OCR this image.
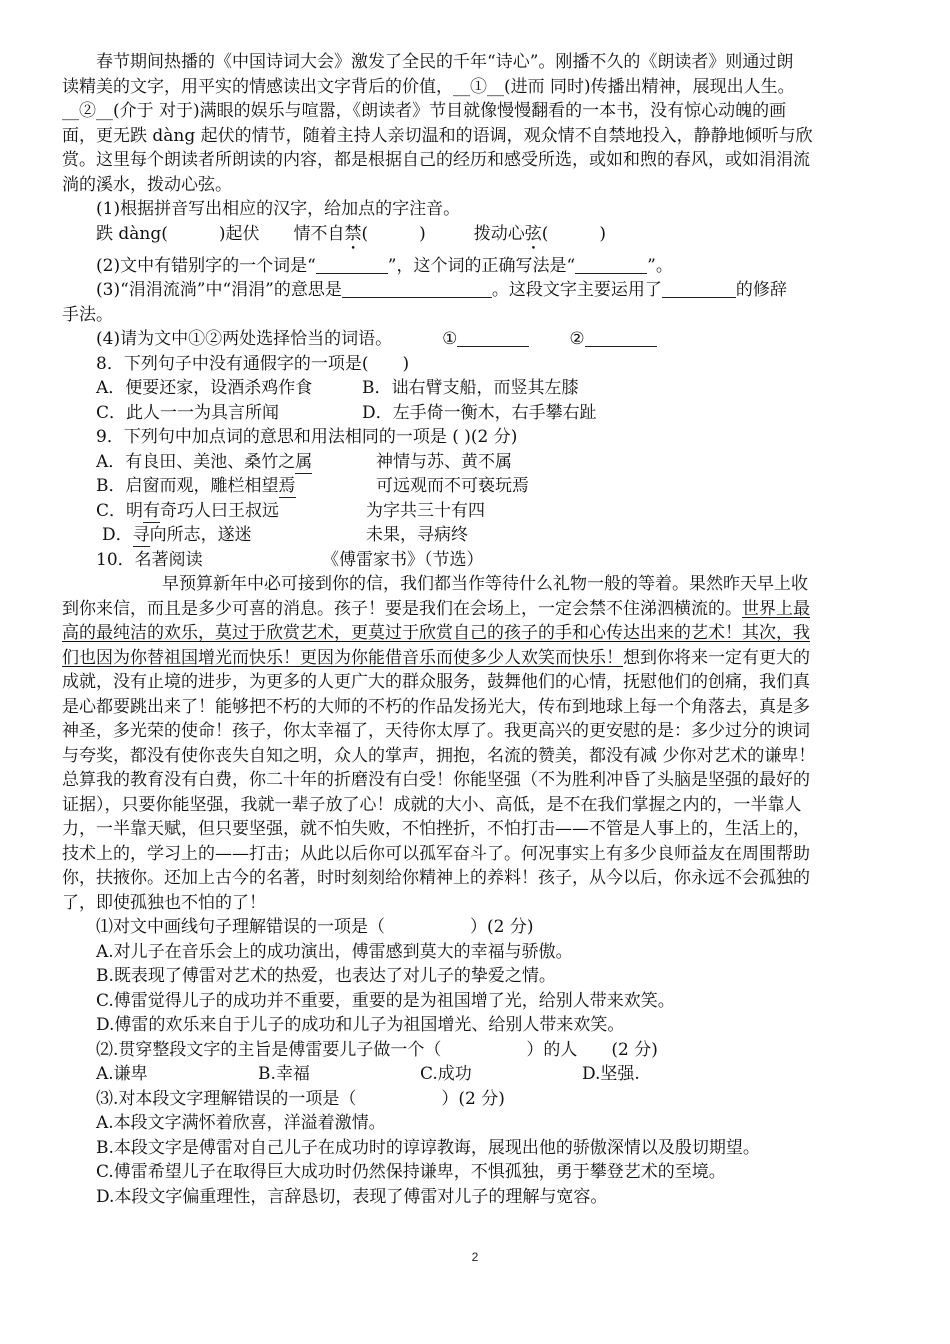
春节期间热播的《中国诗词大会》激发了全民的千年“诗心”。刚播不久的《朗读者》则通过朗

读精美的文字，用平实的情感读出文字背后的价值，__①__(进而 同时)传播出精神，展现出人生。

__②__(介于 对于)满眼的娱乐与喧嚣，《朗读者》节目就像慢慢翻看的一本书，没有惊心动魄的画

面，更无跌 dàng 起伏的情节，随着主持人亲切温和的语调，观众情不自禁地投入，静静地倾听与欣

赏。这里每个朗读者所朗读的内容，都是根据自己的经历和感受所选，或如和煦的春风，或如涓涓流

淌的溪水，拨动心弦。

(1)根据拼音写出相应的汉字，给加点的字注音。

跌 dàng(　　　)起伏 情不自禁(　　　)	拨动心弦(　　　)

(2)文中有错别字的一个词是“	”，这个词的正确写法是“	”。

(3)“涓涓流淌”中“涓涓”的意思是	。这段文字主要运用了	的修辞

手法。

(4)请为文中①②两处选择恰当的词语。	①	②

8．下列句子中没有通假字的一项是(　　)

A．便要还家，设酒杀鸡作食	B．诎右臂支船，而竖其左膝

C．此人一一为具言所闻	D．左手倚一衡木，右手攀右趾

9．下列句中加点词的意思和用法相同的一项是 ( )(2 分)

A．有良田、美池、桑竹之属	神情与苏、黄不属

B．启窗而观，雕栏相望焉	可远观而不可亵玩焉

C．明有奇巧人曰王叔远	为字共三十有四

D．寻向所志，遂迷	未果，寻病终

10．名著阅读	《傅雷家书》（节选）

早预算新年中必可接到你的信，我们都当作等待什么礼物一般的等着。果然昨天早上收

到你来信，而且是多少可喜的消息。孩子！要是我们在会场上，一定会禁不住涕泗横流的。世界上最

高的最纯洁的欢乐，莫过于欣赏艺术，更莫过于欣赏自己的孩子的手和心传达出来的艺术！其次，我

们也因为你替祖国增光而快乐！更因为你能借音乐而使多少人欢笑而快乐！想到你将来一定有更大的

成就，没有止境的进步，为更多的人更广大的群众服务，鼓舞他们的心情，抚慰他们的创痛，我们真

是心都要跳出来了！能够把不朽的大师的不朽的作品发扬光大，传布到地球上每一个角落去，真是多

神圣，多光荣的使命！孩子，你太幸福了，天待你太厚了。我更高兴的更安慰的是：多少过分的谀词

与夸奖，都没有使你丧失自知之明，众人的掌声，拥抱，名流的赞美，都没有减 少你对艺术的谦卑！

总算我的教育没有白费，你二十年的折磨没有白受！你能坚强（不为胜利冲昏了头脑是坚强的最好的

证据），只要你能坚强，我就一辈子放了心！成就的大小、高低，是不在我们掌握之内的，一半靠人

力，一半靠天赋，但只要坚强，就不怕失败，不怕挫折，不怕打击——不管是人事上的，生活上的，

技术上的，学习上的——打击；从此以后你可以孤军奋斗了。何况事实上有多少良师益友在周围帮助

你，扶掖你。还加上古今的名著，时时刻刻给你精神上的养料！孩子，从今以后，你永远不会孤独的

了，即使孤独也不怕的了！

⑴对文中画线句子理解错误的一项是（　　　　　）(2 分)

A.对儿子在音乐会上的成功演出，傅雷感到莫大的幸福与骄傲。

B.既表现了傅雷对艺术的热爱，也表达了对儿子的挚爱之情。

C.傅雷觉得儿子的成功并不重要，重要的是为祖国增了光，给别人带来欢笑。

D.傅雷的欢乐来自于儿子的成功和儿子为祖国增光、给别人带来欢笑。

⑵.贯穿整段文字的主旨是傅雷要儿子做一个（　　　　　）的人　　(2 分)

A.谦卑	B.幸福	C.成功	D.坚强.

⑶.对本段文字理解错误的一项是（　　　　　）(2 分)

A.本段文字满怀着欣喜，洋溢着激情。

B.本段文字是傅雷对自己儿子在成功时的谆谆教诲，展现出他的骄傲深情以及殷切期望。

C.傅雷希望儿子在取得巨大成功时仍然保持谦卑，不惧孤独，勇于攀登艺术的至境。

D.本段文字偏重理性，言辞恳切，表现了傅雷对儿子的理解与宽容。

2
